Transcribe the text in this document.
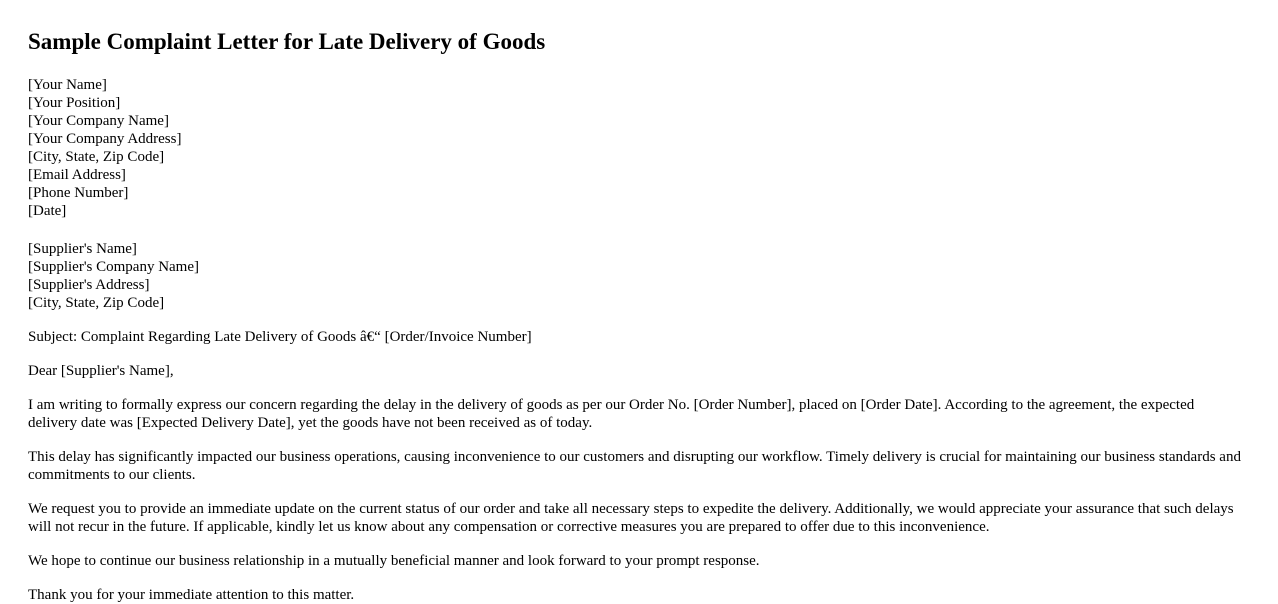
Sample Complaint Letter for Late Delivery of Goods
[Your Name]
[Your Position]
[Your Company Name]
[Your Company Address]
[City, State, Zip Code]
[Email Address]
[Phone Number]
[Date]
[Supplier's Name]
[Supplier's Company Name]
[Supplier's Address]
[City, State, Zip Code]

Subject: Complaint Regarding Late Delivery of Goods â€“ [Order/Invoice Number]

Dear [Supplier's Name],

I am writing to formally express our concern regarding the delay in the delivery of goods as per our Order No. [Order Number], placed on [Order Date]. According to the agreement, the expected delivery date was [Expected Delivery Date], yet the goods have not been received as of today.

This delay has significantly impacted our business operations, causing inconvenience to our customers and disrupting our workflow. Timely delivery is crucial for maintaining our business standards and commitments to our clients.

We request you to provide an immediate update on the current status of our order and take all necessary steps to expedite the delivery. Additionally, we would appreciate your assurance that such delays will not recur in the future. If applicable, kindly let us know about any compensation or corrective measures you are prepared to offer due to this inconvenience.

We hope to continue our business relationship in a mutually beneficial manner and look forward to your prompt response.

Thank you for your immediate attention to this matter.
